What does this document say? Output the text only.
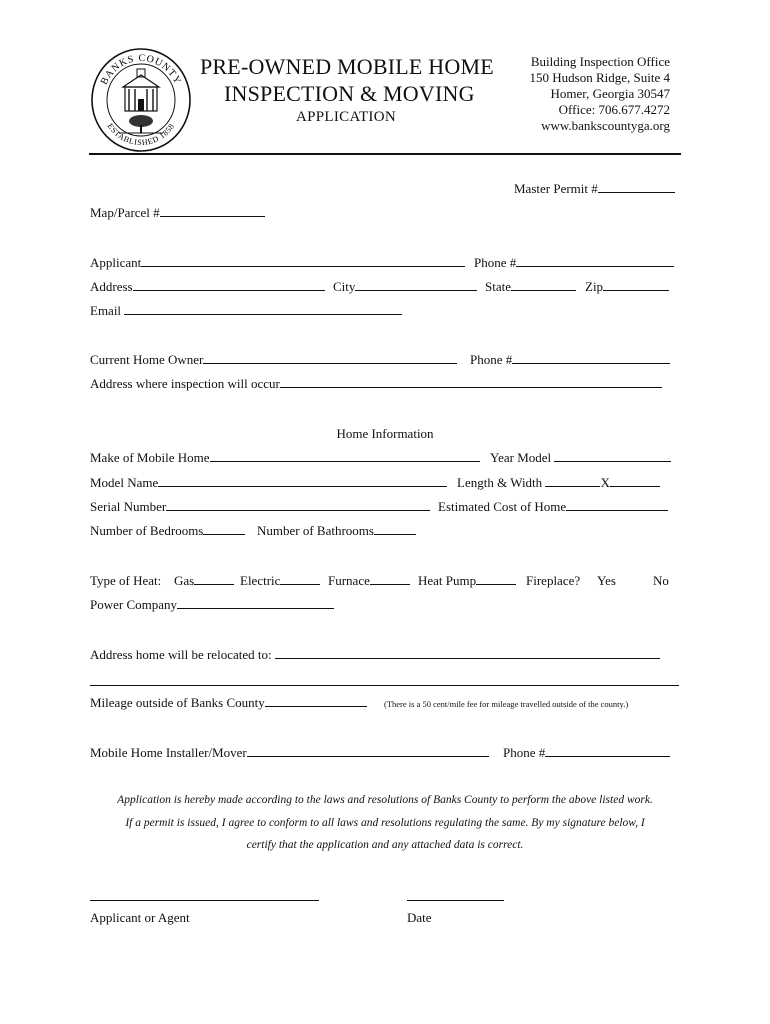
BANKS COUNTY
ESTABLISHED 1858
PRE-OWNED MOBILE HOME
INSPECTION & MOVING
APPLICATION
Building Inspection Office
150 Hudson Ridge, Suite 4
Homer, Georgia 30547
Office: 706.677.4272
www.bankscountyga.org
Master Permit #
Map/Parcel #
Applicant	Phone #
Address	City	State	Zip
Email
Current Home Owner	Phone #
Address where inspection will occur
Home Information
Make of Mobile Home	Year Model
Model Name	Length & Width	X
Serial Number	Estimated Cost of Home
Number of Bedrooms	Number of Bathrooms
Type of Heat: Gas	Electric	Furnace	Heat Pump	Fireplace? Yes	No
Power Company
Address home will be relocated to:
Mileage outside of Banks County	(There is a 50 cent/mile fee for mileage travelled outside of the county.)
Mobile Home Installer/Mover	Phone #
Application is hereby made according to the laws and resolutions of Banks County to perform the above listed work.
If a permit is issued, I agree to conform to all laws and resolutions regulating the same. By my signature below, I
certify that the application and any attached data is correct.
Applicant or Agent	Date
